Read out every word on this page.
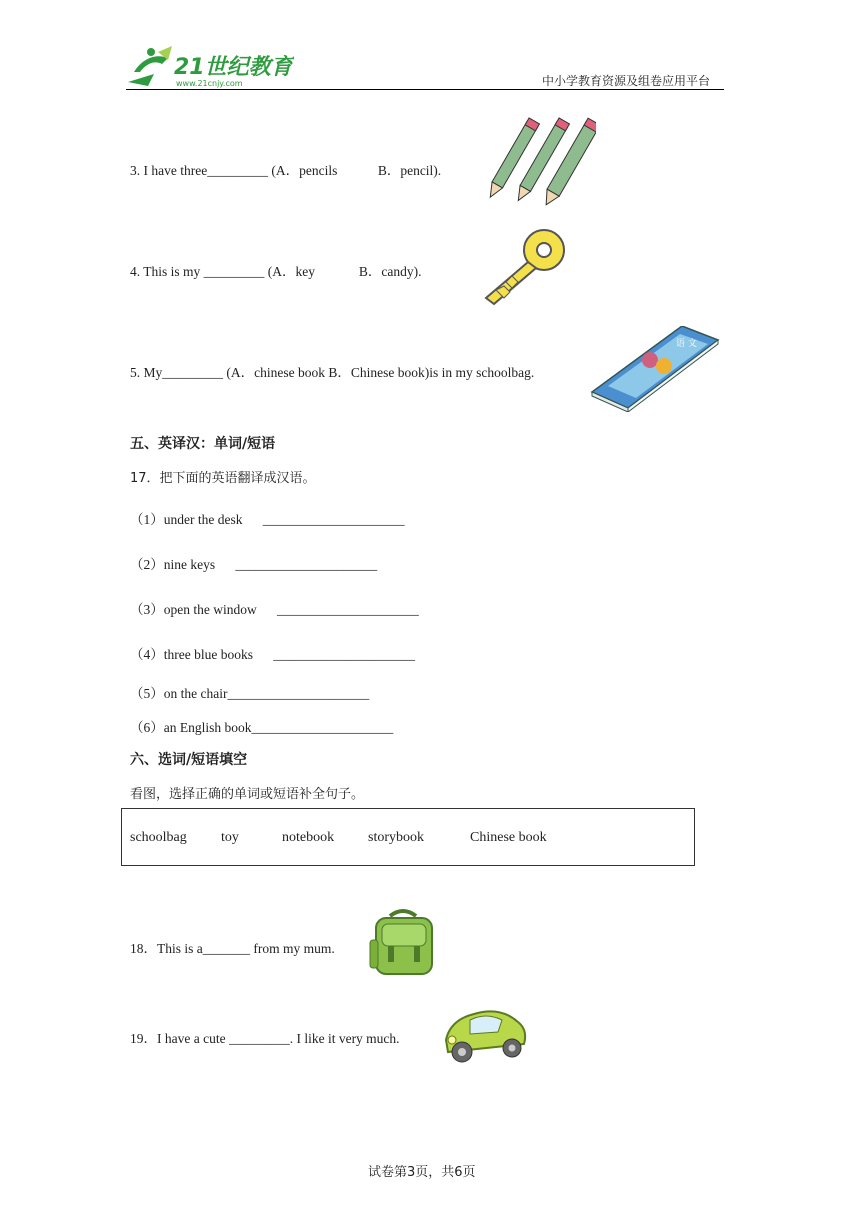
21世纪教育
www.21cnjy.com	中小学教育资源及组卷应用平台
3. I have three_________ (A．pencils            B．pencil).
4. This is my _________ (A．key             B．candy).
5. My_________ (A．chinese book B．Chinese book)is in my schoolbag.
语 文
五、英译汉：单词/短语
17．把下面的英语翻译成汉语。
（1）under the desk      _____________________
（2）nine keys      _____________________
（3）open the window      _____________________
（4）three blue books      _____________________
（5）on the chair_____________________
（6）an English book_____________________
六、选词/短语填空
看图，选择正确的单词或短语补全句子。
schoolbag toy	notebook storybook	Chinese book
18．This is a_______ from my mum.
19．I have a cute _________. I like it very much.
试卷第3页，共6页
